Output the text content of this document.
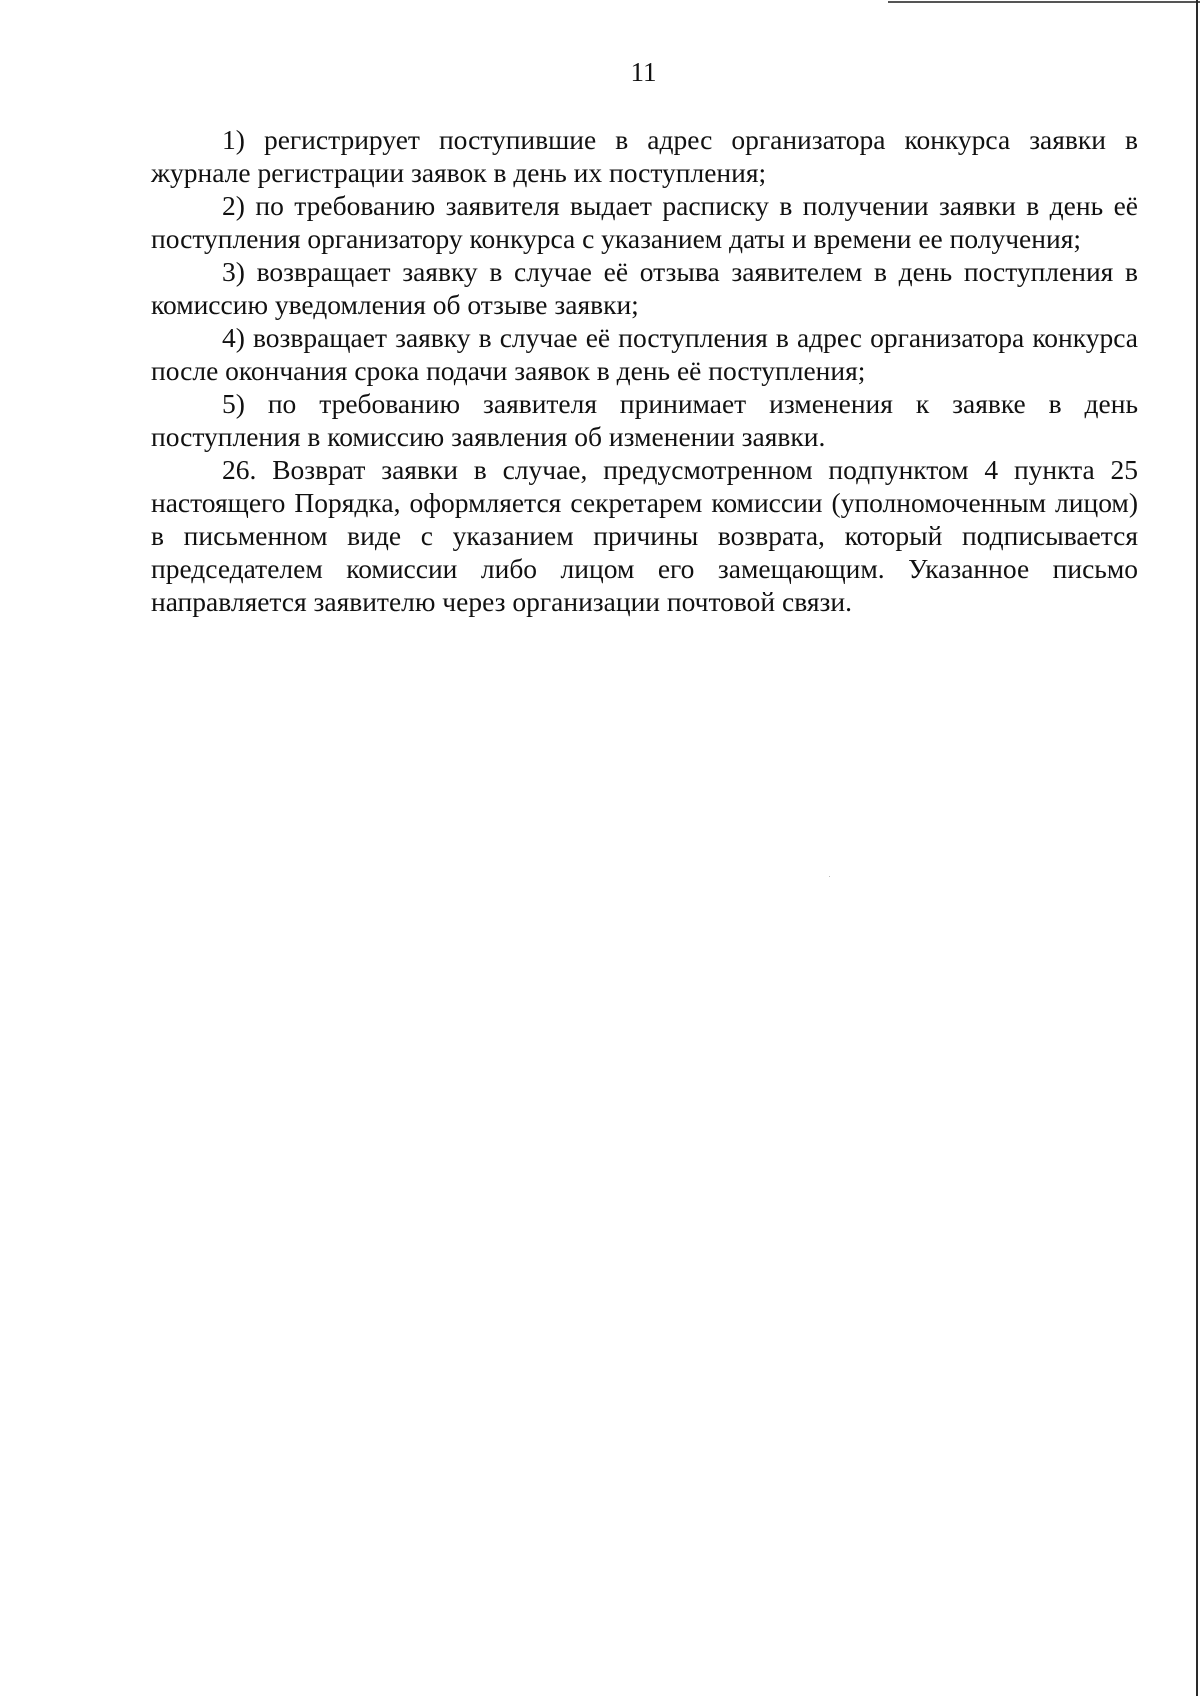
11

1) регистрирует поступившие в адрес организатора конкурса заявки в журнале регистрации заявок в день их поступления;

2) по требованию заявителя выдает расписку в получении заявки в день её поступления организатору конкурса с указанием даты и времени ее получения;

3) возвращает заявку в случае её отзыва заявителем в день поступления в комиссию уведомления об отзыве заявки;

4) возвращает заявку в случае её поступления в адрес организатора конкурса после окончания срока подачи заявок в день её поступления;

5) по требованию заявителя принимает изменения к заявке в день поступления в комиссию заявления об изменении заявки.

26. Возврат заявки в случае, предусмотренном подпунктом 4 пункта 25 настоящего Порядка, оформляется секретарем комиссии (уполномоченным лицом) в письменном виде с указанием причины возврата, который подписывается председателем комиссии либо лицом его замещающим. Указанное письмо направляется заявителю через организации почтовой связи.
